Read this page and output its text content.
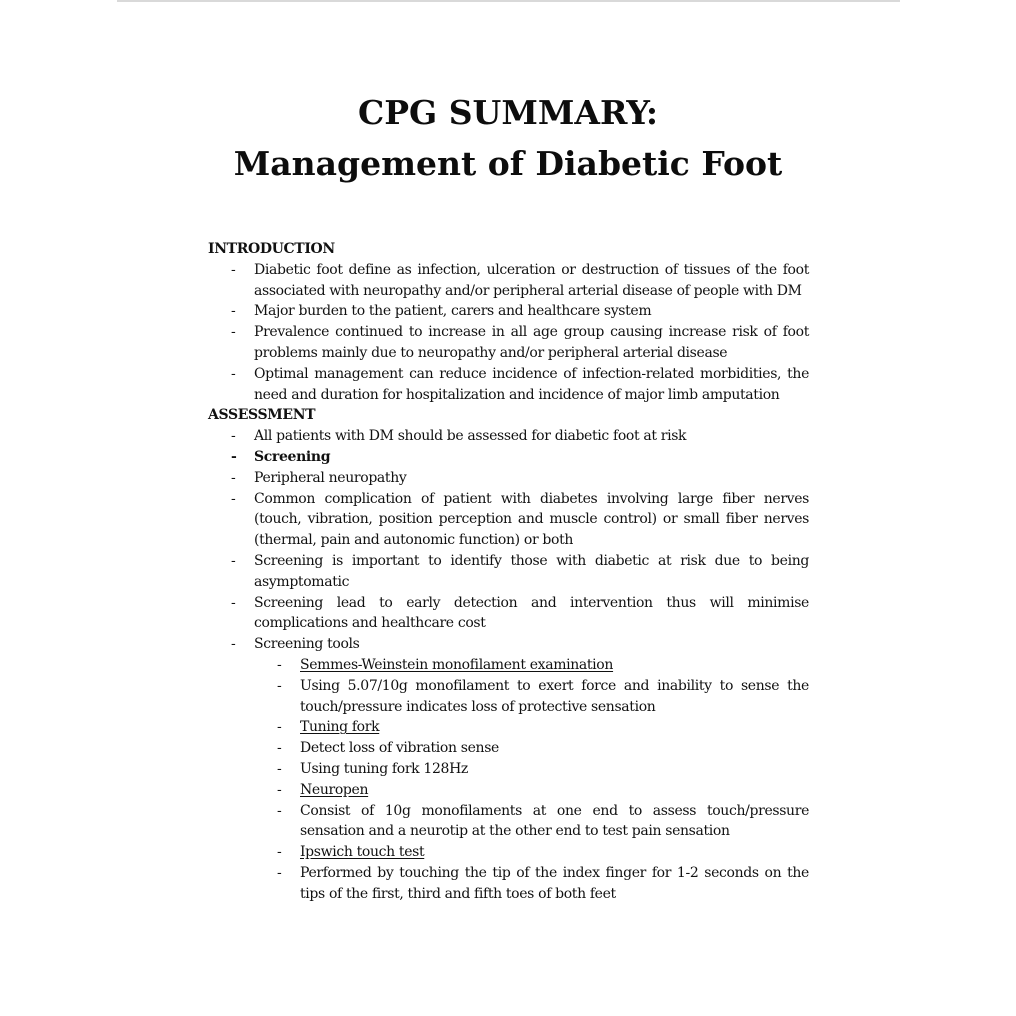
CPG SUMMARY:
Management of Diabetic Foot
INTRODUCTION
- Diabetic foot define as infection, ulceration or destruction of tissues of the foot associated with neuropathy and/or peripheral arterial disease of people with DM
- Major burden to the patient, carers and healthcare system
- Prevalence continued to increase in all age group causing increase risk of foot problems mainly due to neuropathy and/or peripheral arterial disease
- Optimal management can reduce incidence of infection-related morbidities, the need and duration for hospitalization and incidence of major limb amputation
ASSESSMENT
- All patients with DM should be assessed for diabetic foot at risk
- Screening
- Peripheral neuropathy
- Common complication of patient with diabetes involving large fiber nerves (touch, vibration, position perception and muscle control) or small fiber nerves (thermal, pain and autonomic function) or both
- Screening is important to identify those with diabetic at risk due to being asymptomatic
- Screening lead to early detection and intervention thus will minimise complications and healthcare cost
- Screening tools
- Semmes-Weinstein monofilament examination
- Using 5.07/10g monofilament to exert force and inability to sense the touch/pressure indicates loss of protective sensation
- Tuning fork
- Detect loss of vibration sense
- Using tuning fork 128Hz
- Neuropen
- Consist of 10g monofilaments at one end to assess touch/pressure sensation and a neurotip at the other end to test pain sensation
- Ipswich touch test
- Performed by touching the tip of the index finger for 1-2 seconds on the tips of the first, third and fifth toes of both feet
